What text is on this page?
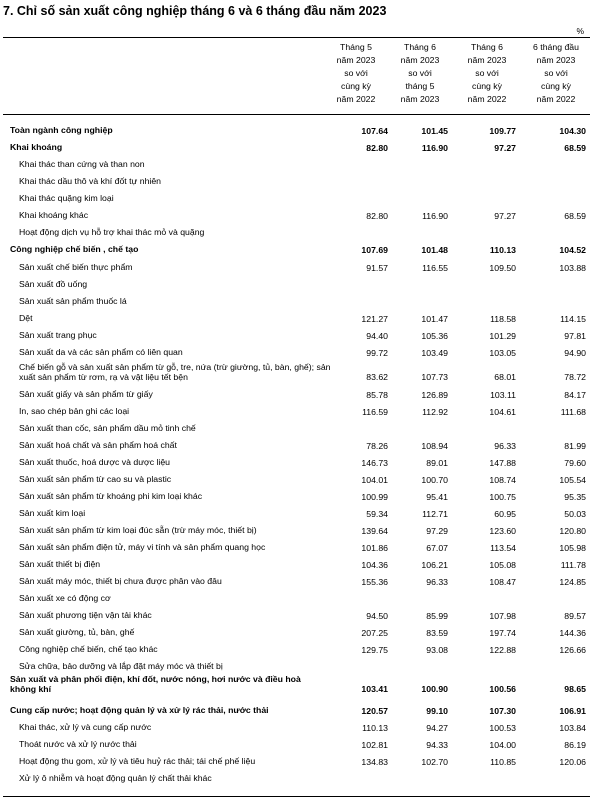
7. Chỉ số sản xuất công nghiệp tháng 6 và 6 tháng đầu năm 2023
%
Tháng 5
năm 2023
so với
cùng kỳ
năm 2022
Tháng 6
năm 2023
so với
tháng 5
năm 2023
Tháng 6
năm 2023
so với
cùng kỳ
năm 2022
6 tháng đầu
năm 2023
so với
cùng kỳ
năm 2022
Toàn ngành công nghiệp	107.64	101.45	109.77	104.30
Khai khoáng	82.80	116.90	97.27	68.59
Khai thác than cứng và than non
Khai thác dầu thô và khí đốt tự nhiên
Khai thác quặng kim loại
Khai khoáng khác	82.80	116.90	97.27	68.59
Hoạt động dịch vụ hỗ trợ khai thác mỏ và quặng
Công nghiệp chế biến , chế tạo	107.69	101.48	110.13	104.52
Sản xuất chế biến thực phẩm	91.57	116.55	109.50	103.88
Sản xuất đồ uống
Sản xuất sản phẩm thuốc lá
Dệt	121.27	101.47	118.58	114.15
Sản xuất trang phục	94.40	105.36	101.29	97.81
Sản xuất da và các sản phẩm có liên quan	99.72	103.49	103.05	94.90
Chế biến gỗ và sản xuất sản phẩm từ gỗ, tre, nứa (trừ giường, tủ, bàn, ghế); sản xuất sản phẩm từ rơm, rạ và vật liệu tết bện	83.62	107.73	68.01	78.72
Sản xuất giấy và sản phẩm từ giấy	85.78	126.89	103.11	84.17
In, sao chép bản ghi các loại	116.59	112.92	104.61	111.68
Sản xuất than cốc, sản phẩm dầu mỏ tinh chế
Sản xuất hoá chất và sản phẩm hoá chất	78.26	108.94	96.33	81.99
Sản xuất thuốc, hoá dược và dược liệu	146.73	89.01	147.88	79.60
Sản xuất sản phẩm từ cao su và plastic	104.01	100.70	108.74	105.54
Sản xuất sản phẩm từ khoáng phi kim loại khác	100.99	95.41	100.75	95.35
Sản xuất kim loại	59.34	112.71	60.95	50.03
Sản xuất sản phẩm từ kim loại đúc sẵn (trừ máy móc, thiết bị)	139.64	97.29	123.60	120.80
Sản xuất sản phẩm điện tử, máy vi tính và sản phẩm quang học	101.86	67.07	113.54	105.98
Sản xuất thiết bị điện	104.36	106.21	105.08	111.78
Sản xuất máy móc, thiết bị chưa được phân vào đâu	155.36	96.33	108.47	124.85
Sản xuất xe có động cơ
Sản xuất phương tiện vận tải khác	94.50	85.99	107.98	89.57
Sản xuất giường, tủ, bàn, ghế	207.25	83.59	197.74	144.36
Công nghiệp chế biến, chế tạo khác	129.75	93.08	122.88	126.66
Sửa chữa, bảo dưỡng và lắp đặt máy móc và thiết bị
Sản xuất và phân phối điện, khí đốt, nước nóng, hơi nước và điều hoà không khí	103.41	100.90	100.56	98.65
Cung cấp nước; hoạt động quản lý và xử lý rác thải, nước thải	120.57	99.10	107.30	106.91
Khai thác, xử lý và cung cấp nước	110.13	94.27	100.53	103.84
Thoát nước và xử lý nước thải	102.81	94.33	104.00	86.19
Hoạt động thu gom, xử lý và tiêu huỷ rác thải; tái chế phế liệu	134.83	102.70	110.85	120.06
Xử lý ô nhiễm và hoạt động quản lý chất thải khác
